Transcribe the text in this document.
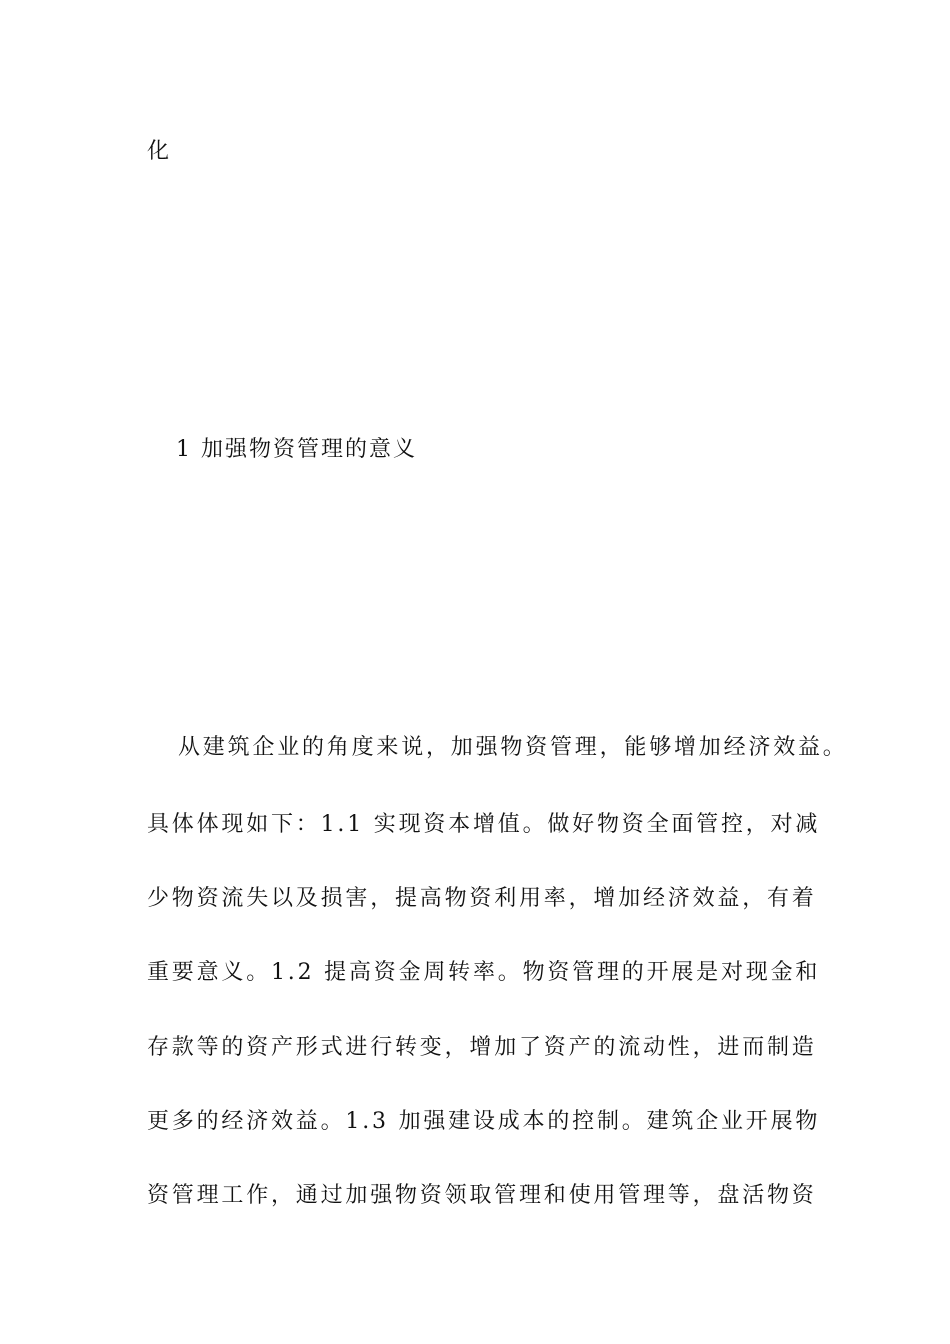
化
1 加强物资管理的意义
从建筑企业的角度来说，加强物资管理，能够增加经济效益。
具体体现如下：1.1 实现资本增值。做好物资全面管控，对减
少物资流失以及损害，提高物资利用率，增加经济效益，有着
重要意义。1.2 提高资金周转率。物资管理的开展是对现金和
存款等的资产形式进行转变，增加了资产的流动性，进而制造
更多的经济效益。1.3 加强建设成本的控制。建筑企业开展物
资管理工作，通过加强物资领取管理和使用管理等，盘活物资
